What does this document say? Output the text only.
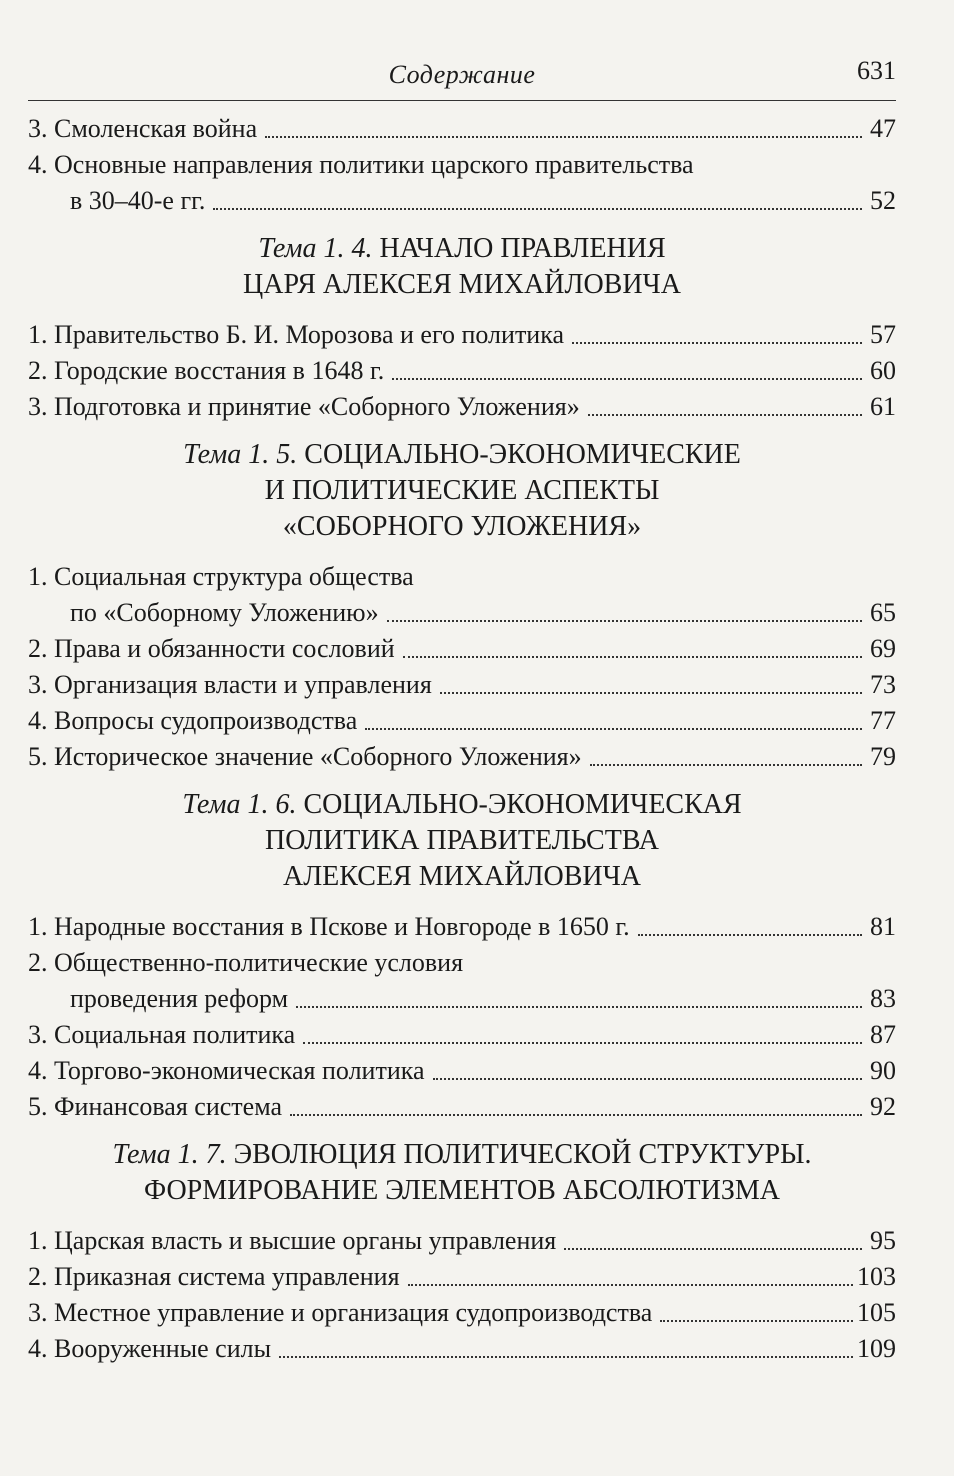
Содержание	631
3. Смоленская война	47
4. Основные направления политики царского правительства
в 30–40-е гг.	52
Тема 1. 4. НАЧАЛО ПРАВЛЕНИЯ
ЦАРЯ АЛЕКСЕЯ МИХАЙЛОВИЧА
1. Правительство Б. И. Морозова и его политика	57
2. Городские восстания в 1648 г.	60
3. Подготовка и принятие «Соборного Уложения»	61
Тема 1. 5. СОЦИАЛЬНО-ЭКОНОМИЧЕСКИЕ
И ПОЛИТИЧЕСКИЕ АСПЕКТЫ
«СОБОРНОГО УЛОЖЕНИЯ»
1. Социальная структура общества
по «Соборному Уложению»	65
2. Права и обязанности сословий	69
3. Организация власти и управления	73
4. Вопросы судопроизводства	77
5. Историческое значение «Соборного Уложения»	79
Тема 1. 6. СОЦИАЛЬНО-ЭКОНОМИЧЕСКАЯ
ПОЛИТИКА ПРАВИТЕЛЬСТВА
АЛЕКСЕЯ МИХАЙЛОВИЧА
1. Народные восстания в Пскове и Новгороде в 1650 г.	81
2. Общественно-политические условия
проведения реформ	83
3. Социальная политика	87
4. Торгово-экономическая политика	90
5. Финансовая система	92
Тема 1. 7. ЭВОЛЮЦИЯ ПОЛИТИЧЕСКОЙ СТРУКТУРЫ.
ФОРМИРОВАНИЕ ЭЛЕМЕНТОВ АБСОЛЮТИЗМА
1. Царская власть и высшие органы управления	95
2. Приказная система управления	103
3. Местное управление и организация судопроизводства	105
4. Вооруженные силы	109
